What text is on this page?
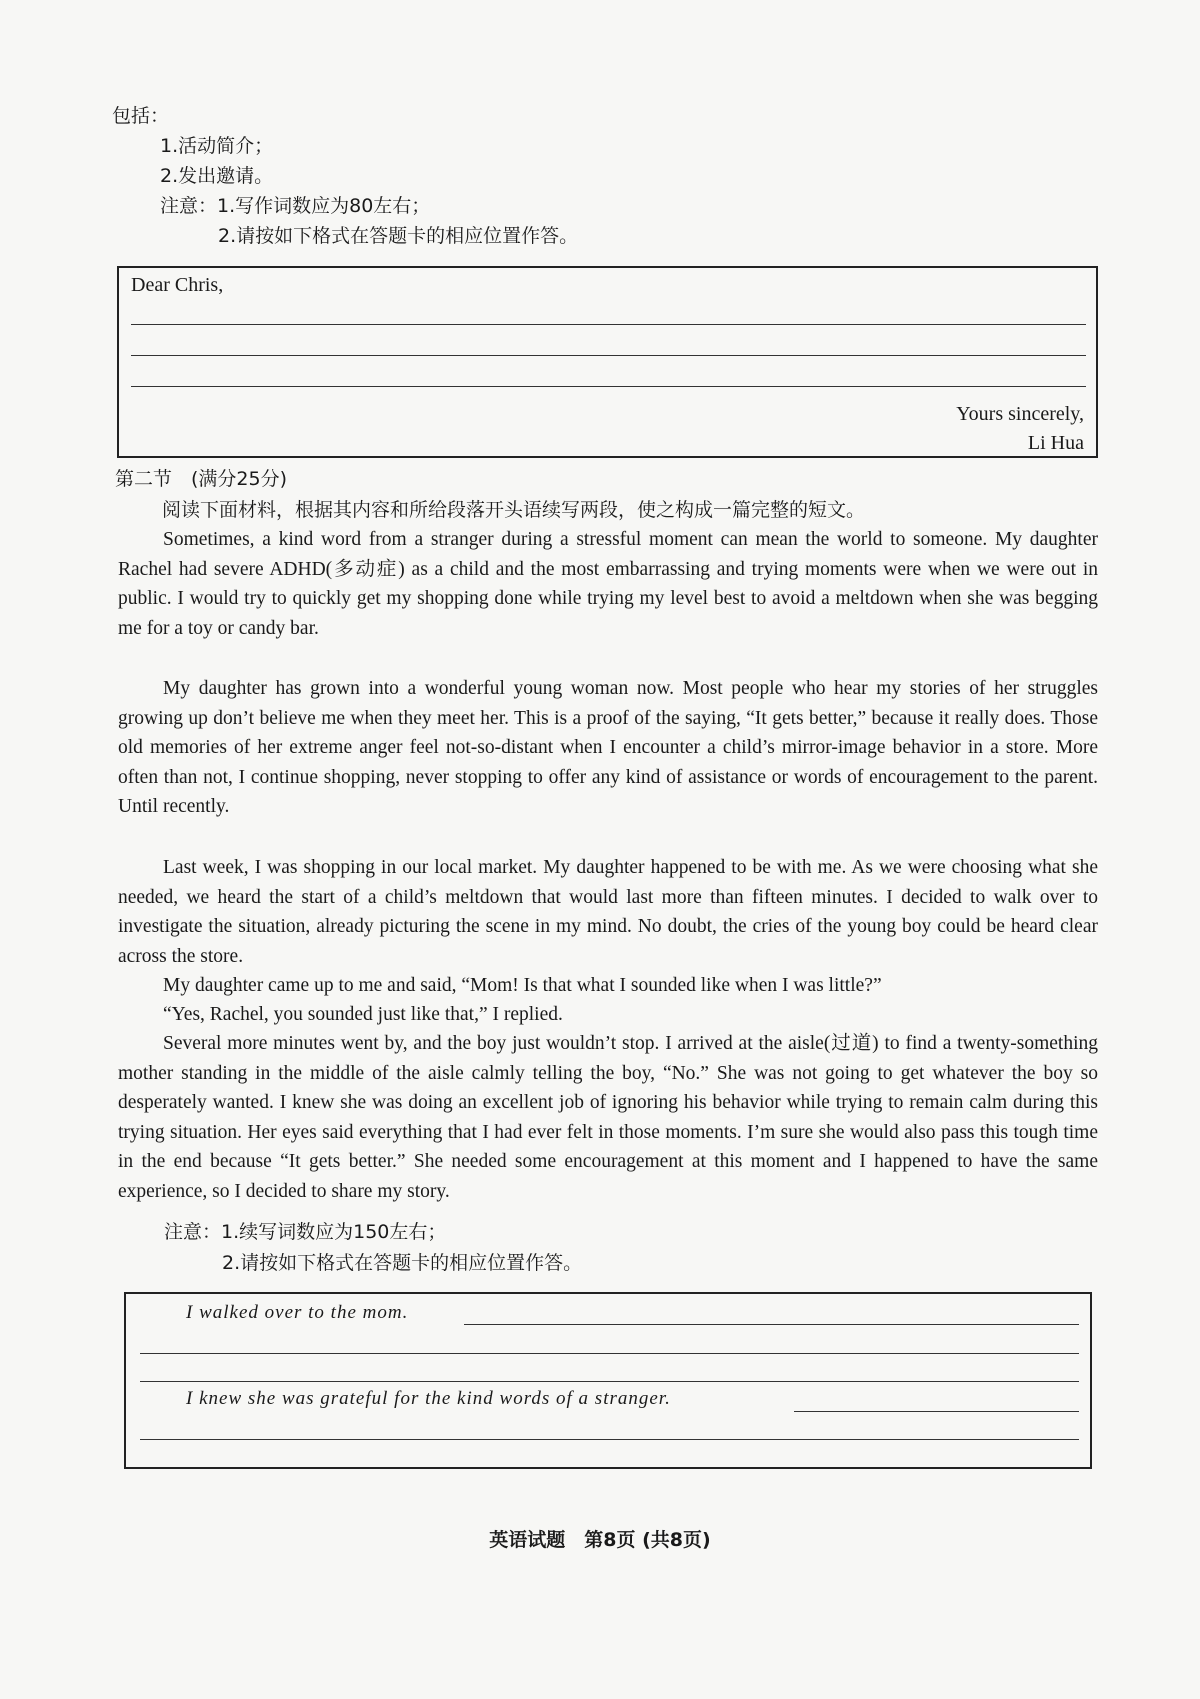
包括：
1.活动简介；
2.发出邀请。
注意：1.写作词数应为80左右；
2.请按如下格式在答题卡的相应位置作答。
Dear Chris,
Yours sincerely,
Li Hua
第二节　(满分25分)
阅读下面材料，根据其内容和所给段落开头语续写两段，使之构成一篇完整的短文。
Sometimes, a kind word from a stranger during a stressful moment can mean the world to someone. My daughter Rachel had severe ADHD(多动症) as a child and the most embarrassing and trying moments were when we were out in public. I would try to quickly get my shopping done while trying my level best to avoid a meltdown when she was begging me for a toy or candy bar.
My daughter has grown into a wonderful young woman now. Most people who hear my stories of her struggles growing up don’t believe me when they meet her. This is a proof of the saying, “It gets better,” because it really does. Those old memories of her extreme anger feel not-so-distant when I encounter a child’s mirror-image behavior in a store. More often than not, I continue shopping, never stopping to offer any kind of assistance or words of encouragement to the parent. Until recently.
Last week, I was shopping in our local market. My daughter happened to be with me. As we were choosing what she needed, we heard the start of a child’s meltdown that would last more than fifteen minutes. I decided to walk over to investigate the situation, already picturing the scene in my mind. No doubt, the cries of the young boy could be heard clear across the store.
My daughter came up to me and said, “Mom! Is that what I sounded like when I was little?”
“Yes, Rachel, you sounded just like that,” I replied.
Several more minutes went by, and the boy just wouldn’t stop. I arrived at the aisle(过道) to find a twenty-something mother standing in the middle of the aisle calmly telling the boy, “No.” She was not going to get whatever the boy so desperately wanted. I knew she was doing an excellent job of ignoring his behavior while trying to remain calm during this trying situation. Her eyes said everything that I had ever felt in those moments. I’m sure she would also pass this tough time in the end because “It gets better.” She needed some encouragement at this moment and I happened to have the same experience, so I decided to share my story.
注意：1.续写词数应为150左右；
2.请按如下格式在答题卡的相应位置作答。
I walked over to the mom.
I knew she was grateful for the kind words of a stranger.
英语试题　第8页 (共8页)
